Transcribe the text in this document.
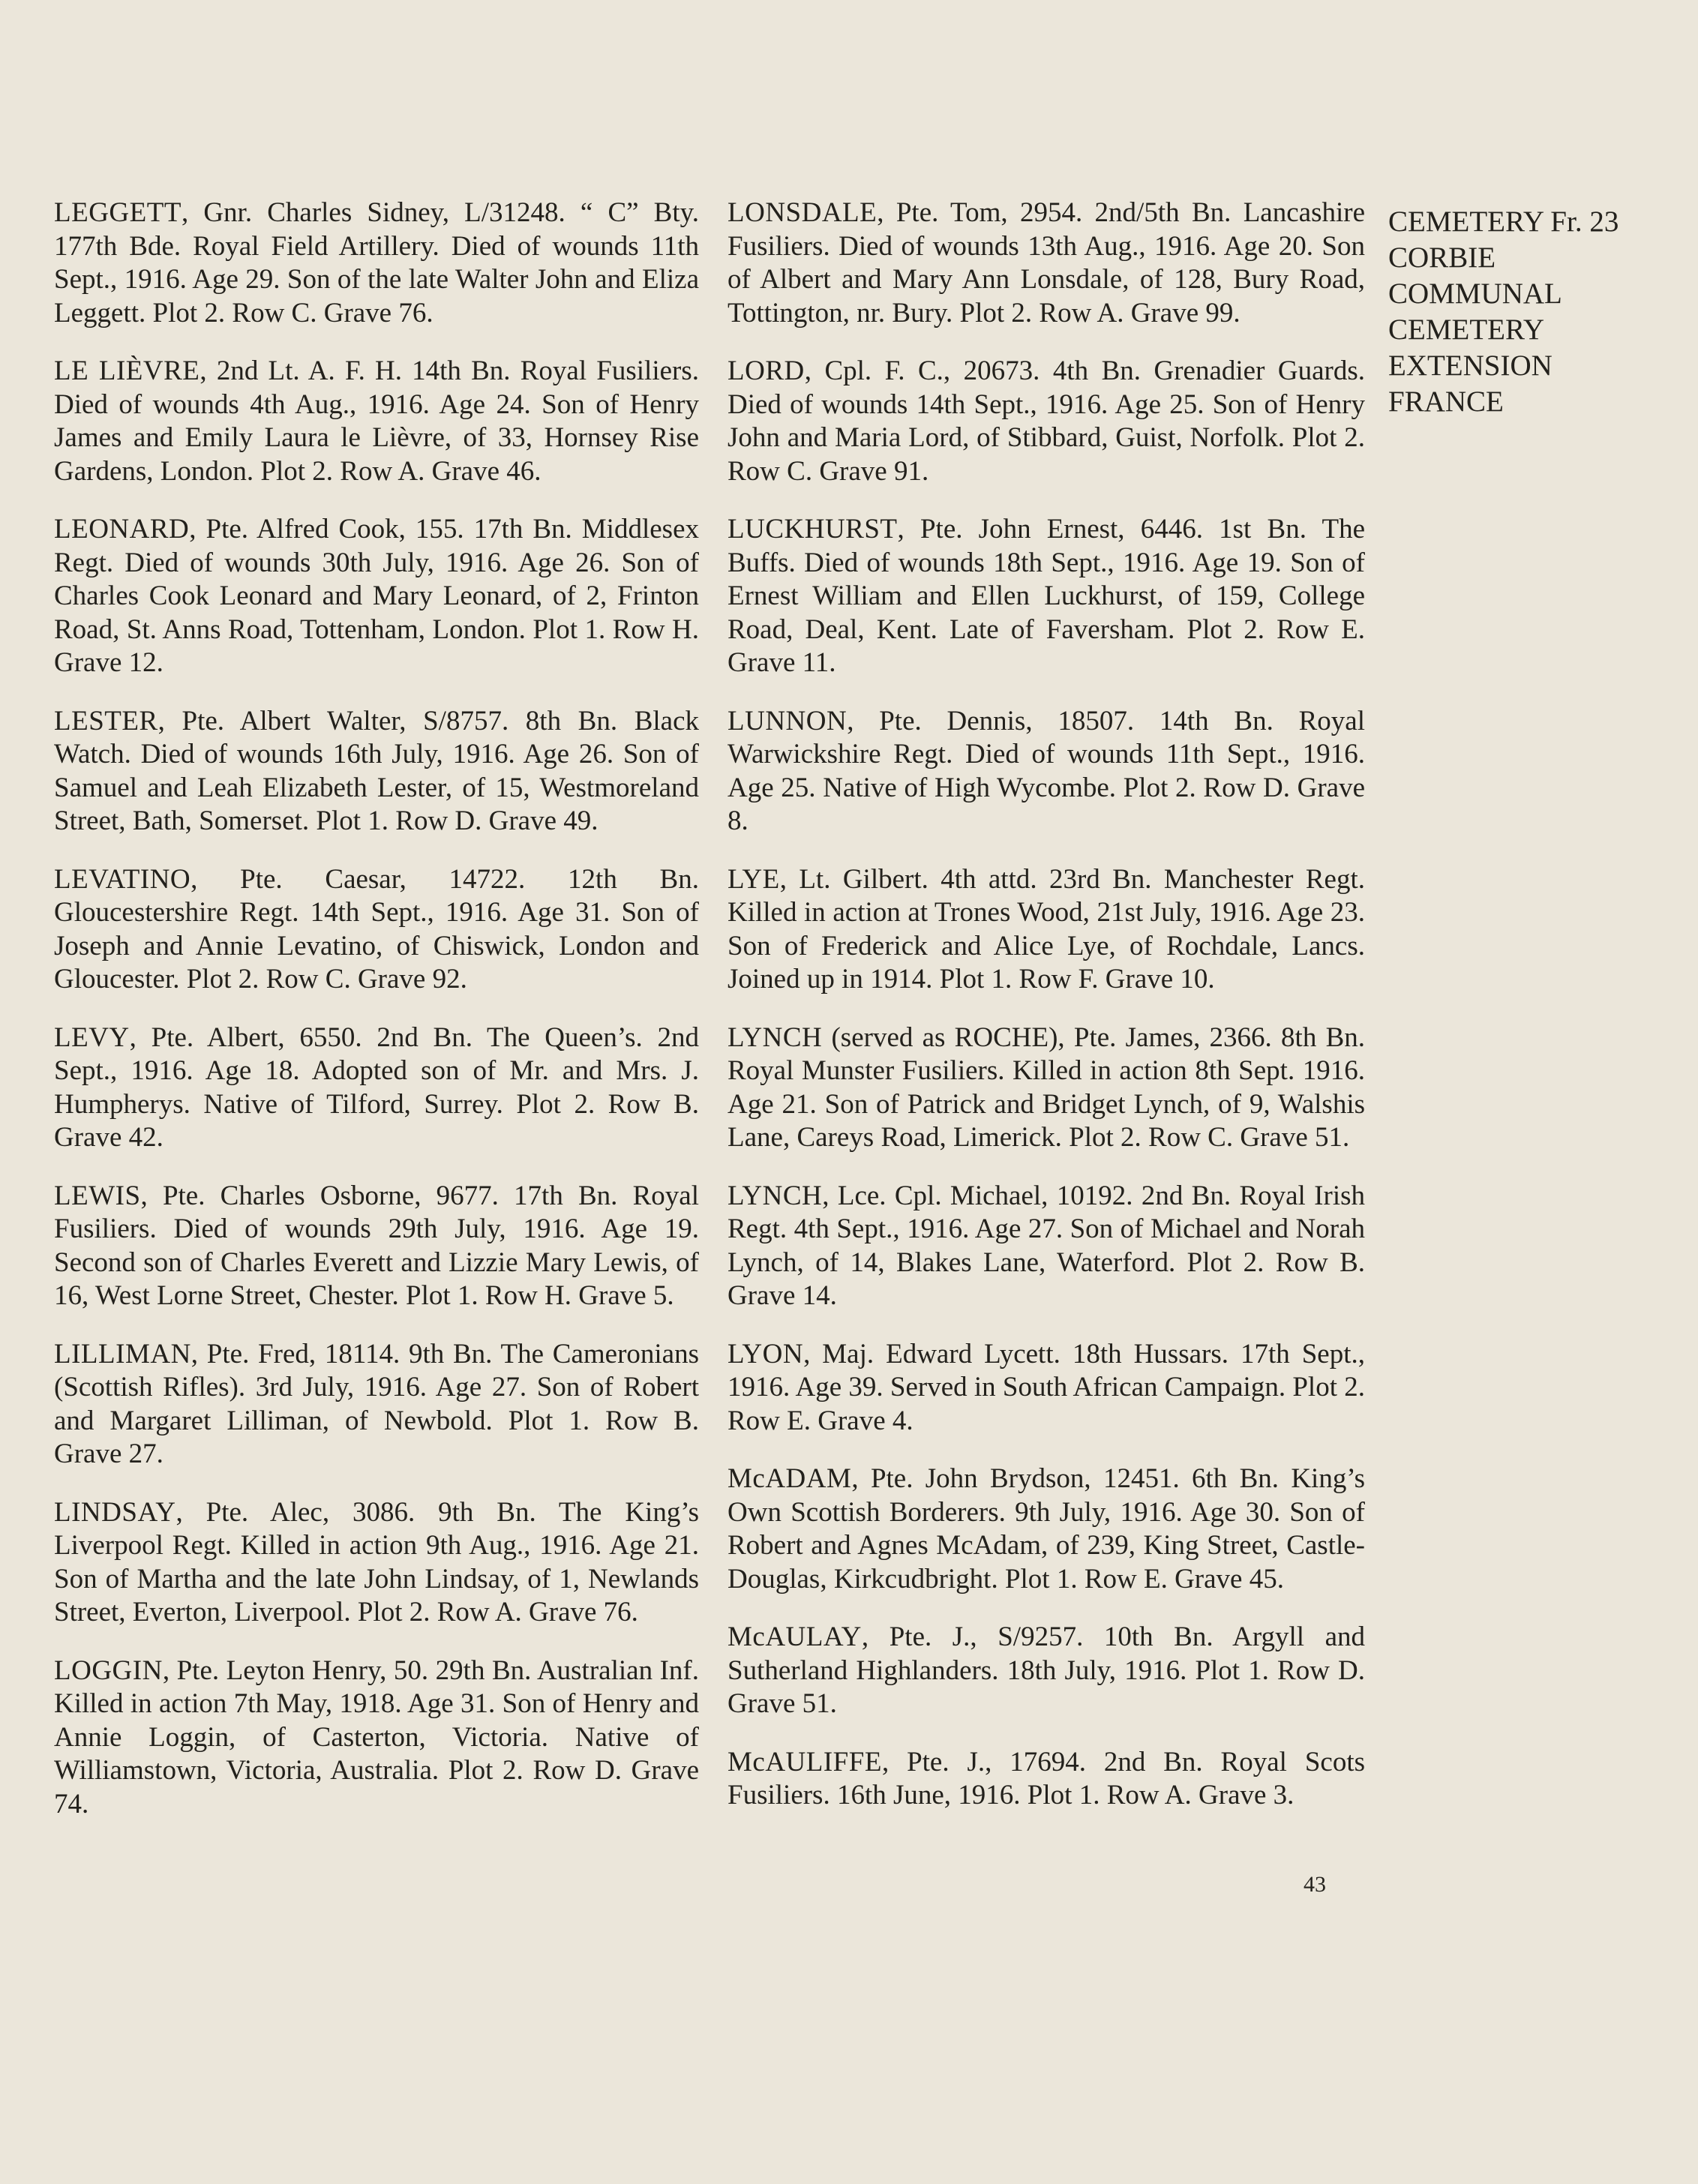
LEGGETT, Gnr. Charles Sidney, L/31248. “ C” Bty. 177th Bde. Royal Field Artillery. Died of wounds 11th Sept., 1916. Age 29. Son of the late Walter John and Eliza Leggett. Plot 2. Row C. Grave 76.

LE LIÈVRE, 2nd Lt. A. F. H. 14th Bn. Royal Fusiliers. Died of wounds 4th Aug., 1916. Age 24. Son of Henry James and Emily Laura le Lièvre, of 33, Hornsey Rise Gardens, London. Plot 2. Row A. Grave 46.

LEONARD, Pte. Alfred Cook, 155. 17th Bn. Middlesex Regt. Died of wounds 30th July, 1916. Age 26. Son of Charles Cook Leonard and Mary Leonard, of 2, Frinton Road, St. Anns Road, Tottenham, London. Plot 1. Row H. Grave 12.

LESTER, Pte. Albert Walter, S/8757. 8th Bn. Black Watch. Died of wounds 16th July, 1916. Age 26. Son of Samuel and Leah Elizabeth Lester, of 15, Westmoreland Street, Bath, Somerset. Plot 1. Row D. Grave 49.

LEVATINO, Pte. Caesar, 14722. 12th Bn. Gloucestershire Regt. 14th Sept., 1916. Age 31. Son of Joseph and Annie Levatino, of Chiswick, London and Gloucester. Plot 2. Row C. Grave 92.

LEVY, Pte. Albert, 6550. 2nd Bn. The Queen’s. 2nd Sept., 1916. Age 18. Adopted son of Mr. and Mrs. J. Humpherys. Native of Tilford, Surrey. Plot 2. Row B. Grave 42.

LEWIS, Pte. Charles Osborne, 9677. 17th Bn. Royal Fusiliers. Died of wounds 29th July, 1916. Age 19. Second son of Charles Everett and Lizzie Mary Lewis, of 16, West Lorne Street, Chester. Plot 1. Row H. Grave 5.

LILLIMAN, Pte. Fred, 18114. 9th Bn. The Cameronians (Scottish Rifles). 3rd July, 1916. Age 27. Son of Robert and Margaret Lilliman, of Newbold. Plot 1. Row B. Grave 27.

LINDSAY, Pte. Alec, 3086. 9th Bn. The King’s Liverpool Regt. Killed in action 9th Aug., 1916. Age 21. Son of Martha and the late John Lindsay, of 1, Newlands Street, Everton, Liverpool. Plot 2. Row A. Grave 76.

LOGGIN, Pte. Leyton Henry, 50. 29th Bn. Australian Inf. Killed in action 7th May, 1918. Age 31. Son of Henry and Annie Loggin, of Casterton, Victoria. Native of Williamstown, Victoria, Australia. Plot 2. Row D. Grave 74.

LONSDALE, Pte. Tom, 2954. 2nd/5th Bn. Lancashire Fusiliers. Died of wounds 13th Aug., 1916. Age 20. Son of Albert and Mary Ann Lonsdale, of 128, Bury Road, Tottington, nr. Bury. Plot 2. Row A. Grave 99.

LORD, Cpl. F. C., 20673. 4th Bn. Grenadier Guards. Died of wounds 14th Sept., 1916. Age 25. Son of Henry John and Maria Lord, of Stibbard, Guist, Norfolk. Plot 2. Row C. Grave 91.

LUCKHURST, Pte. John Ernest, 6446. 1st Bn. The Buffs. Died of wounds 18th Sept., 1916. Age 19. Son of Ernest William and Ellen Luckhurst, of 159, College Road, Deal, Kent. Late of Faversham. Plot 2. Row E. Grave 11.

LUNNON, Pte. Dennis, 18507. 14th Bn. Royal Warwickshire Regt. Died of wounds 11th Sept., 1916. Age 25. Native of High Wycombe. Plot 2. Row D. Grave 8.

LYE, Lt. Gilbert. 4th attd. 23rd Bn. Manchester Regt. Killed in action at Trones Wood, 21st July, 1916. Age 23. Son of Frederick and Alice Lye, of Rochdale, Lancs. Joined up in 1914. Plot 1. Row F. Grave 10.

LYNCH (served as ROCHE), Pte. James, 2366. 8th Bn. Royal Munster Fusiliers. Killed in action 8th Sept. 1916. Age 21. Son of Patrick and Bridget Lynch, of 9, Walshis Lane, Careys Road, Limerick. Plot 2. Row C. Grave 51.

LYNCH, Lce. Cpl. Michael, 10192. 2nd Bn. Royal Irish Regt. 4th Sept., 1916. Age 27. Son of Michael and Norah Lynch, of 14, Blakes Lane, Waterford. Plot 2. Row B. Grave 14.

LYON, Maj. Edward Lycett. 18th Hussars. 17th Sept., 1916. Age 39. Served in South African Campaign. Plot 2. Row E. Grave 4.

McADAM, Pte. John Brydson, 12451. 6th Bn. King’s Own Scottish Borderers. 9th July, 1916. Age 30. Son of Robert and Agnes McAdam, of 239, King Street, Castle-Douglas, Kirkcudbright. Plot 1. Row E. Grave 45.

McAULAY, Pte. J., S/9257. 10th Bn. Argyll and Sutherland Highlanders. 18th July, 1916. Plot 1. Row D. Grave 51.

McAULIFFE, Pte. J., 17694. 2nd Bn. Royal Scots Fusiliers. 16th June, 1916. Plot 1. Row A. Grave 3.

CEMETERY Fr. 23
CORBIE
COMMUNAL
CEMETERY
EXTENSION
FRANCE
43
